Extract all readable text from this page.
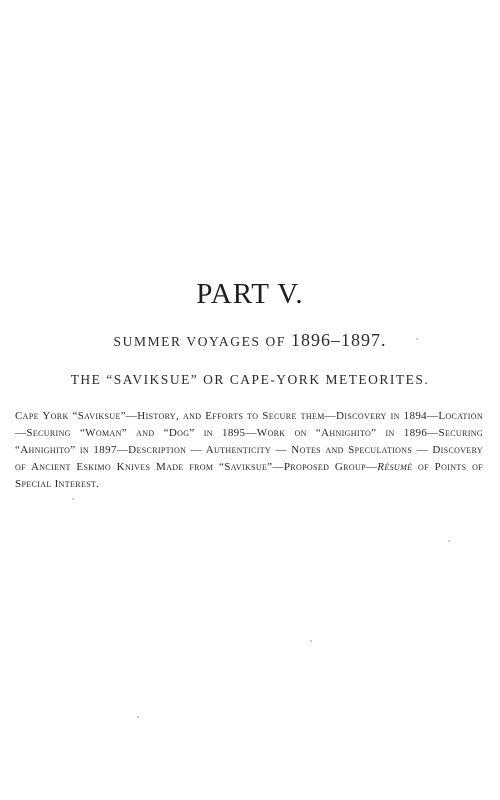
PART V.
SUMMER VOYAGES OF 1896–1897.
THE “SAVIKSUE” OR CAPE-YORK METEORITES.

Cape York “Saviksue”—History, and Efforts to Secure them—Discovery in 1894—Location—Securing “Woman” and “Dog” in 1895—Work on “Ahnighito” in 1896—Securing “Ahnighito” in 1897—Description — Authenticity — Notes and Speculations — Discovery of Ancient Eskimo Knives Made from “Saviksue”—Proposed Group—Résumé of Points of Special Interest.
